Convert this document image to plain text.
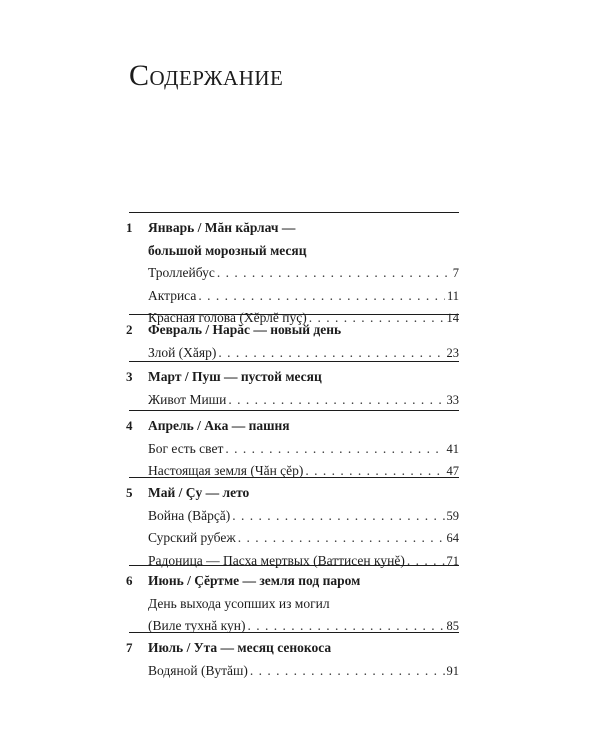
Содержание
1 Январь / Мăн кăрлач —
большой морозный месяц
Троллейбус . . .	7
Актриса . . .	11
Красная голова (Хĕрлĕ пуç) . . .	14
2 Февраль / Нарăс — новый день
Злой (Хăяр) . . .	23
3 Март / Пуш — пустой месяц
Живот Миши . . .	33
4 Апрель / Ака — пашня
Бог есть свет . . .	41
Настоящая земля (Чăн çĕр) . . .	47
5 Май / Çу — лето
Война (Вăрçă) . . .	59
Сурский рубеж . . .	64
Радоница — Пасха мертвых (Ваттисен кунĕ) . . .	71
6 Июнь / Çĕртме — земля под паром
День выхода усопших из могил
(Виле тухнă кун) . . .	85
7 Июль / Ута — месяц сенокоса
Водяной (Вутăш) . . .	91
